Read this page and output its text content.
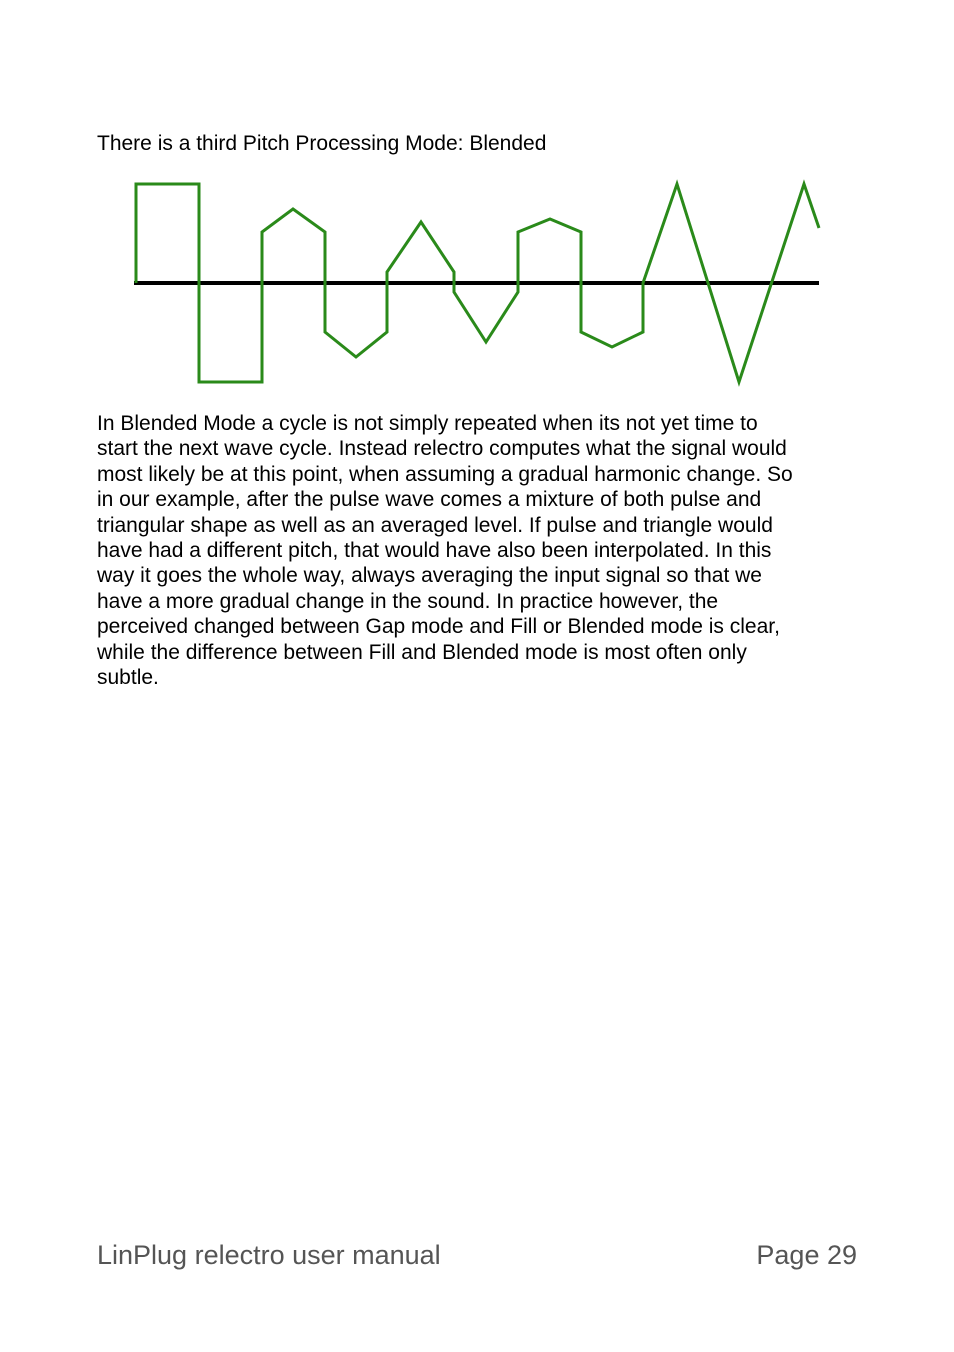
There is a third Pitch Processing Mode: Blended

In Blended Mode a cycle is not simply repeated when its not yet time to
start the next wave cycle. Instead relectro computes what the signal would
most likely be at this point, when assuming a gradual harmonic change. So
in our example, after the pulse wave comes a mixture of both pulse and
triangular shape as well as an averaged level. If pulse and triangle would
have had a different pitch, that would have also been interpolated. In this
way it goes the whole way, always averaging the input signal so that we
have a more gradual change in the sound. In practice however, the
perceived changed between Gap mode and Fill or Blended mode is clear,
while the difference between Fill and Blended mode is most often only
subtle.
LinPlug relectro user manual	Page 29
